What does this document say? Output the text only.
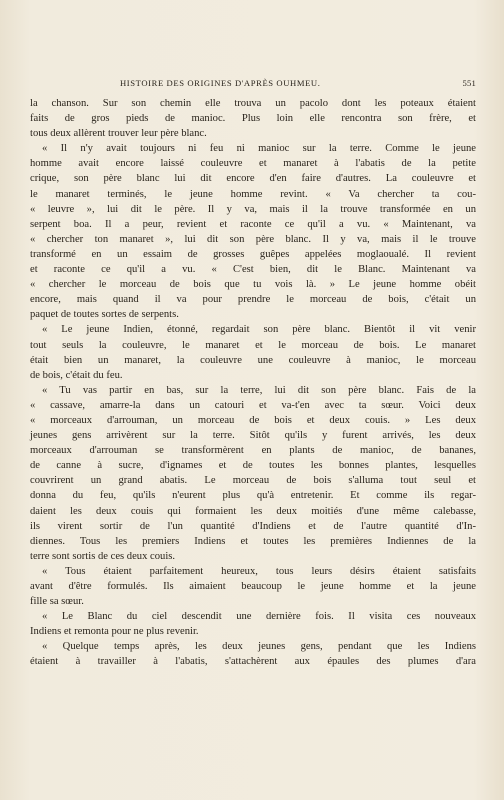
HISTOIRE DES ORIGINES D'APRÈS OUHMEU.	551
la chanson. Sur son chemin elle trouva un pacolo dont les poteaux étaient
faits de gros pieds de manioc. Plus loin elle rencontra son frère, et
tous deux allèrent trouver leur père blanc.
« Il n'y avait toujours ni feu ni manioc sur la terre. Comme le jeune
homme avait encore laissé couleuvre et manaret à l'abatis de la petite
crique, son père blanc lui dit encore d'en faire d'autres. La couleuvre et
le manaret terminés, le jeune homme revint. « Va chercher ta cou-
« leuvre », lui dit le père. Il y va, mais il la trouve transformée en un
serpent boa. Il a peur, revient et raconte ce qu'il a vu. « Maintenant, va
« chercher ton manaret », lui dit son père blanc. Il y va, mais il le trouve
transformé en un essaim de grosses guêpes appelées moglaoualé. Il revient
et raconte ce qu'il a vu. « C'est bien, dit le Blanc. Maintenant va
« chercher le morceau de bois que tu vois là. » Le jeune homme obéit
encore, mais quand il va pour prendre le morceau de bois, c'était un
paquet de toutes sortes de serpents.
« Le jeune Indien, étonné, regardait son père blanc. Bientôt il vit venir
tout seuls la couleuvre, le manaret et le morceau de bois. Le manaret
était bien un manaret, la couleuvre une couleuvre à manioc, le morceau
de bois, c'était du feu.
« Tu vas partir en bas, sur la terre, lui dit son père blanc. Fais de la
« cassave, amarre-la dans un catouri et va-t'en avec ta sœur. Voici deux
« morceaux d'arrouman, un morceau de bois et deux couis. » Les deux
jeunes gens arrivèrent sur la terre. Sitôt qu'ils y furent arrivés, les deux
morceaux d'arrouman se transformèrent en plants de manioc, de bananes,
de canne à sucre, d'ignames et de toutes les bonnes plantes, lesquelles
couvrirent un grand abatis. Le morceau de bois s'alluma tout seul et
donna du feu, qu'ils n'eurent plus qu'à entretenir. Et comme ils regar-
daient les deux couis qui formaient les deux moitiés d'une même calebasse,
ils virent sortir de l'un quantité d'Indiens et de l'autre quantité d'In-
diennes. Tous les premiers Indiens et toutes les premières Indiennes de la
terre sont sortis de ces deux couis.
« Tous étaient parfaitement heureux, tous leurs désirs étaient satisfaits
avant d'être formulés. Ils aimaient beaucoup le jeune homme et la jeune
fille sa sœur.
« Le Blanc du ciel descendit une dernière fois. Il visita ces nouveaux
Indiens et remonta pour ne plus revenir.
« Quelque temps après, les deux jeunes gens, pendant que les Indiens
étaient à travailler à l'abatis, s'attachèrent aux épaules des plumes d'ara
